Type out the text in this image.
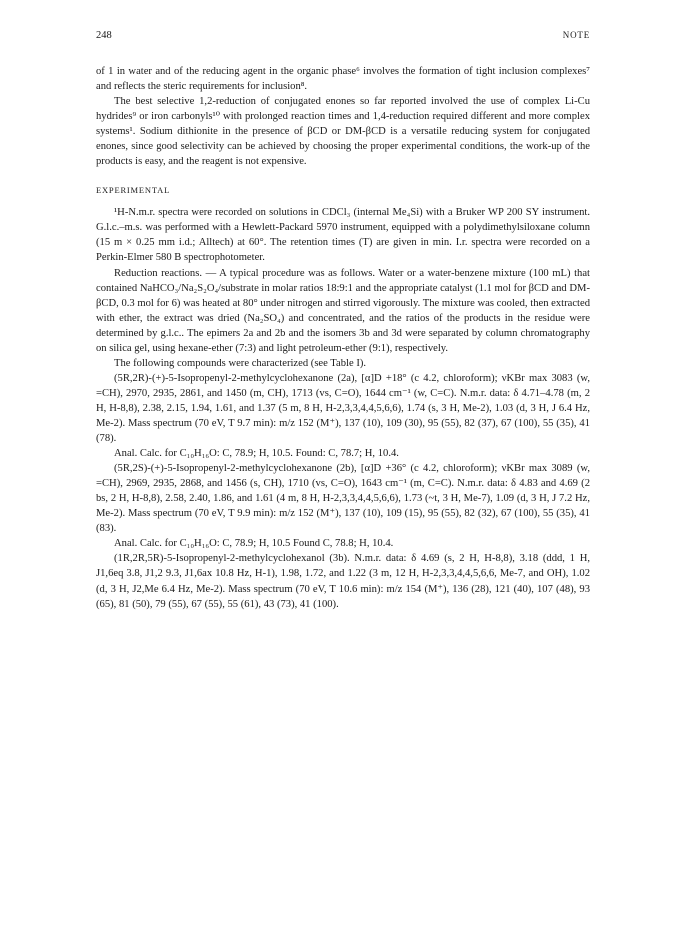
248	NOTE

of 1 in water and of the reducing agent in the organic phase⁶ involves the formation of tight inclusion complexes⁷ and reflects the steric requirements for inclusion⁸.

The best selective 1,2-reduction of conjugated enones so far reported involved the use of complex Li-Cu hydrides⁹ or iron carbonyls¹⁰ with prolonged reaction times and 1,4-reduction required different and more complex systems¹. Sodium dithionite in the presence of βCD or DM-βCD is a versatile reducing system for conjugated enones, since good selectivity can be achieved by choosing the proper experimental conditions, the work-up of the products is easy, and the reagent is not expensive.

EXPERIMENTAL

¹H-N.m.r. spectra were recorded on solutions in CDCl₃ (internal Me₄Si) with a Bruker WP 200 SY instrument. G.l.c.–m.s. was performed with a Hewlett-Packard 5970 instrument, equipped with a polydimethylsiloxane column (15 m × 0.25 mm i.d.; Alltech) at 60°. The retention times (T) are given in min. I.r. spectra were recorded on a Perkin-Elmer 580 B spectrophotometer.

Reduction reactions. — A typical procedure was as follows. Water or a water-benzene mixture (100 mL) that contained NaHCO₃/Na₂S₂O₄/substrate in molar ratios 18:9:1 and the appropriate catalyst (1.1 mol for βCD and DM-βCD, 0.3 mol for 6) was heated at 80° under nitrogen and stirred vigorously. The mixture was cooled, then extracted with ether, the extract was dried (Na₂SO₄) and concentrated, and the ratios of the products in the residue were determined by g.l.c.. The epimers 2a and 2b and the isomers 3b and 3d were separated by column chromatography on silica gel, using hexane-ether (7:3) and light petroleum-ether (9:1), respectively.

The following compounds were characterized (see Table I).

(5R,2R)-(+)-5-Isopropenyl-2-methylcyclohexanone (2a), [α]D +18° (c 4.2, chloroform); νKBr max 3083 (w, =CH), 2970, 2935, 2861, and 1450 (m, CH), 1713 (vs, C=O), 1644 cm⁻¹ (w, C=C). N.m.r. data: δ 4.71–4.78 (m, 2 H, H-8,8), 2.38, 2.15, 1.94, 1.61, and 1.37 (5 m, 8 H, H-2,3,3,4,4,5,6,6), 1.74 (s, 3 H, Me-2), 1.03 (d, 3 H, J 6.4 Hz, Me-2). Mass spectrum (70 eV, T 9.7 min): m/z 152 (M⁺), 137 (10), 109 (30), 95 (55), 82 (37), 67 (100), 55 (35), 41 (78).

Anal. Calc. for C₁₀H₁₆O: C, 78.9; H, 10.5. Found: C, 78.7; H, 10.4.

(5R,2S)-(+)-5-Isopropenyl-2-methylcyclohexanone (2b), [α]D +36° (c 4.2, chloroform); νKBr max 3089 (w, =CH), 2969, 2935, 2868, and 1456 (s, CH), 1710 (vs, C=O), 1643 cm⁻¹ (m, C=C). N.m.r. data: δ 4.83 and 4.69 (2 bs, 2 H, H-8,8), 2.58, 2.40, 1.86, and 1.61 (4 m, 8 H, H-2,3,3,4,4,5,6,6), 1.73 (~t, 3 H, Me-7), 1.09 (d, 3 H, J 7.2 Hz, Me-2). Mass spectrum (70 eV, T 9.9 min): m/z 152 (M⁺), 137 (10), 109 (15), 95 (55), 82 (32), 67 (100), 55 (35), 41 (83).

Anal. Calc. for C₁₀H₁₆O: C, 78.9; H, 10.5 Found C, 78.8; H, 10.4.

(1R,2R,5R)-5-Isopropenyl-2-methylcyclohexanol (3b). N.m.r. data: δ 4.69 (s, 2 H, H-8,8), 3.18 (ddd, 1 H, J1,6eq 3.8, J1,2 9.3, J1,6ax 10.8 Hz, H-1), 1.98, 1.72, and 1.22 (3 m, 12 H, H-2,3,3,4,4,5,6,6, Me-7, and OH), 1.02 (d, 3 H, J2,Me 6.4 Hz, Me-2). Mass spectrum (70 eV, T 10.6 min): m/z 154 (M⁺), 136 (28), 121 (40), 107 (48), 93 (65), 81 (50), 79 (55), 67 (55), 55 (61), 43 (73), 41 (100).
